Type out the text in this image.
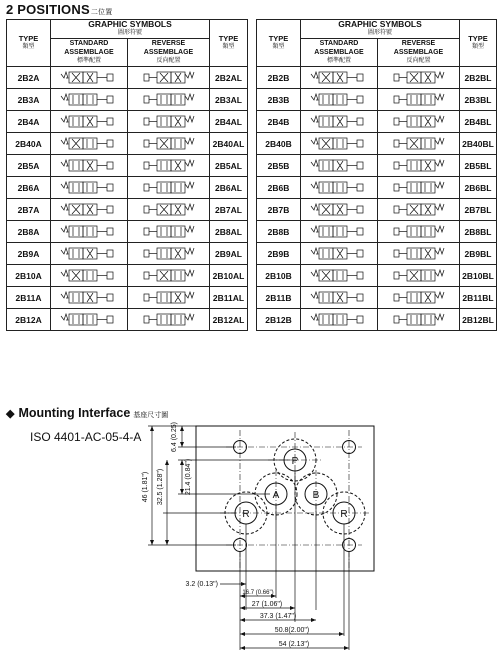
2 POSITIONS二位置
TYPE
類型	GRAPHIC SYMBOLS
圖形符號		TYPE
類型

	STANDARD ASSEMBLAGE
標準配置	REVERSE ASSEMBLAGE
反向配置	

2B2A			2B2AL
2B3A			2B3AL
2B4A			2B4AL
2B40A			2B40AL
2B5A			2B5AL
2B6A			2B6AL
2B7A			2B7AL
2B8A			2B8AL
2B9A			2B9AL
2B10A			2B10AL
2B11A			2B11AL
2B12A			2B12AL
TYPE
類型	GRAPHIC SYMBOLS
圖形符號		TYPE
類型

	STANDARD ASSEMBLAGE
標準配置	REVERSE ASSEMBLAGE
反向配置	

2B2B			2B2BL
2B3B			2B3BL
2B4B			2B4BL
2B40B			2B40BL
2B5B			2B5BL
2B6B			2B6BL
2B7B			2B7BL
2B8B			2B8BL
2B9B			2B9BL
2B10B			2B10BL
2B11B			2B11BL
2B12B			2B12BL
◆ Mounting Interface 基座尺寸圖
ISO 4401-AC-05-4-A
P
A	B
R	R
6.4 (0.25)
21.4 (0.84")
32.5 (1.28")
46 (1.81")
3.2 (0.13")
16.7 (0.66")
27 (1.06")
37.3 (1.47")
50.8(2.00")
54 (2.13")
